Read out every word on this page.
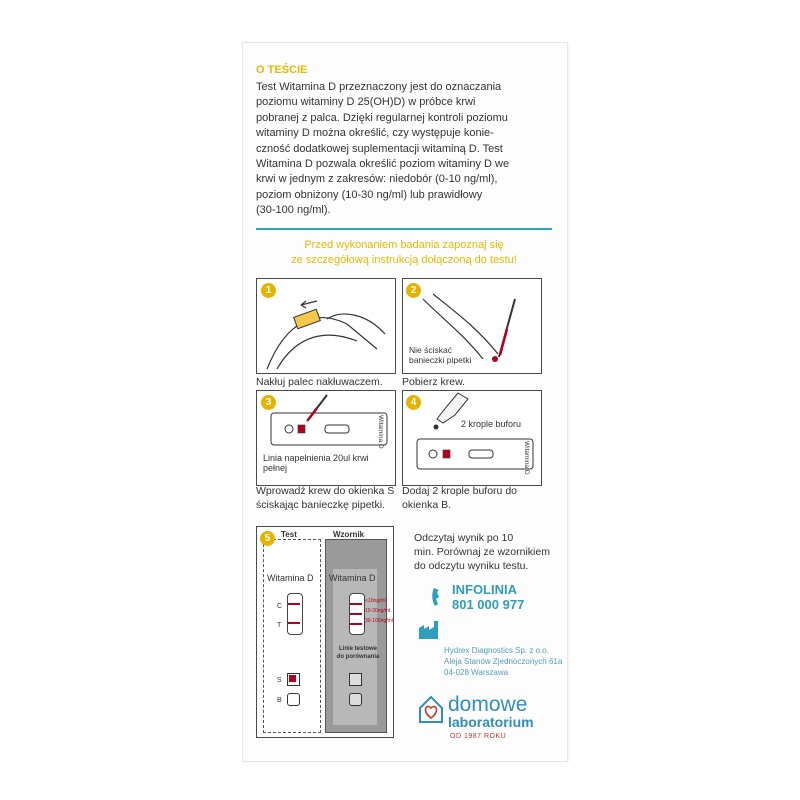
O TEŚCIE
Test Witamina D przeznaczony jest do oznaczania
poziomu witaminy D 25(OH)D) w próbce krwi
pobranej z palca. Dzięki regularnej kontroli poziomu
witaminy D można określić, czy występuje konie-
czność dodatkowej suplementacji witaminą D. Test
Witamina D pozwala określić poziom witaminy D we
krwi w jednym z zakresów: niedobór (0-10 ng/ml),
poziom obniżony (10-30 ng/ml) lub prawidłowy
(30-100 ng/ml).
Przed wykonaniem badania zapoznaj się
ze szczegółową instrukcją dołączoną do testu!
1
Nakłuj palec nakłuwaczem.
Nie ściskać
banieczki pipetki
2
Pobierz krew.
Witamina D
Linia napełnienia 20ul krwi
pełnej
3
Wprowadź krew do okienka S
ściskając banieczkę pipetki.
2 krople buforu
Witamina D
4
Dodaj 2 krople buforu do
okienka B.
Test	Wzornik
Witamina D Witamina D
C
T
<10ng/ml
10-30ng/ml
30-100ng/ml
Linie testowe
do porównania
S
B
5	Odczytaj wynik po 10
min. Porównaj ze wzornikiem
do odczytu wyniku testu.
INFOLINIA
801 000 977
Hydrex Diagnostics Sp. z o.o.
Aleja Stanów Zjednoczonych 61a
04-028 Warszawa
domowe
laboratorium
OD 1987 ROKU
